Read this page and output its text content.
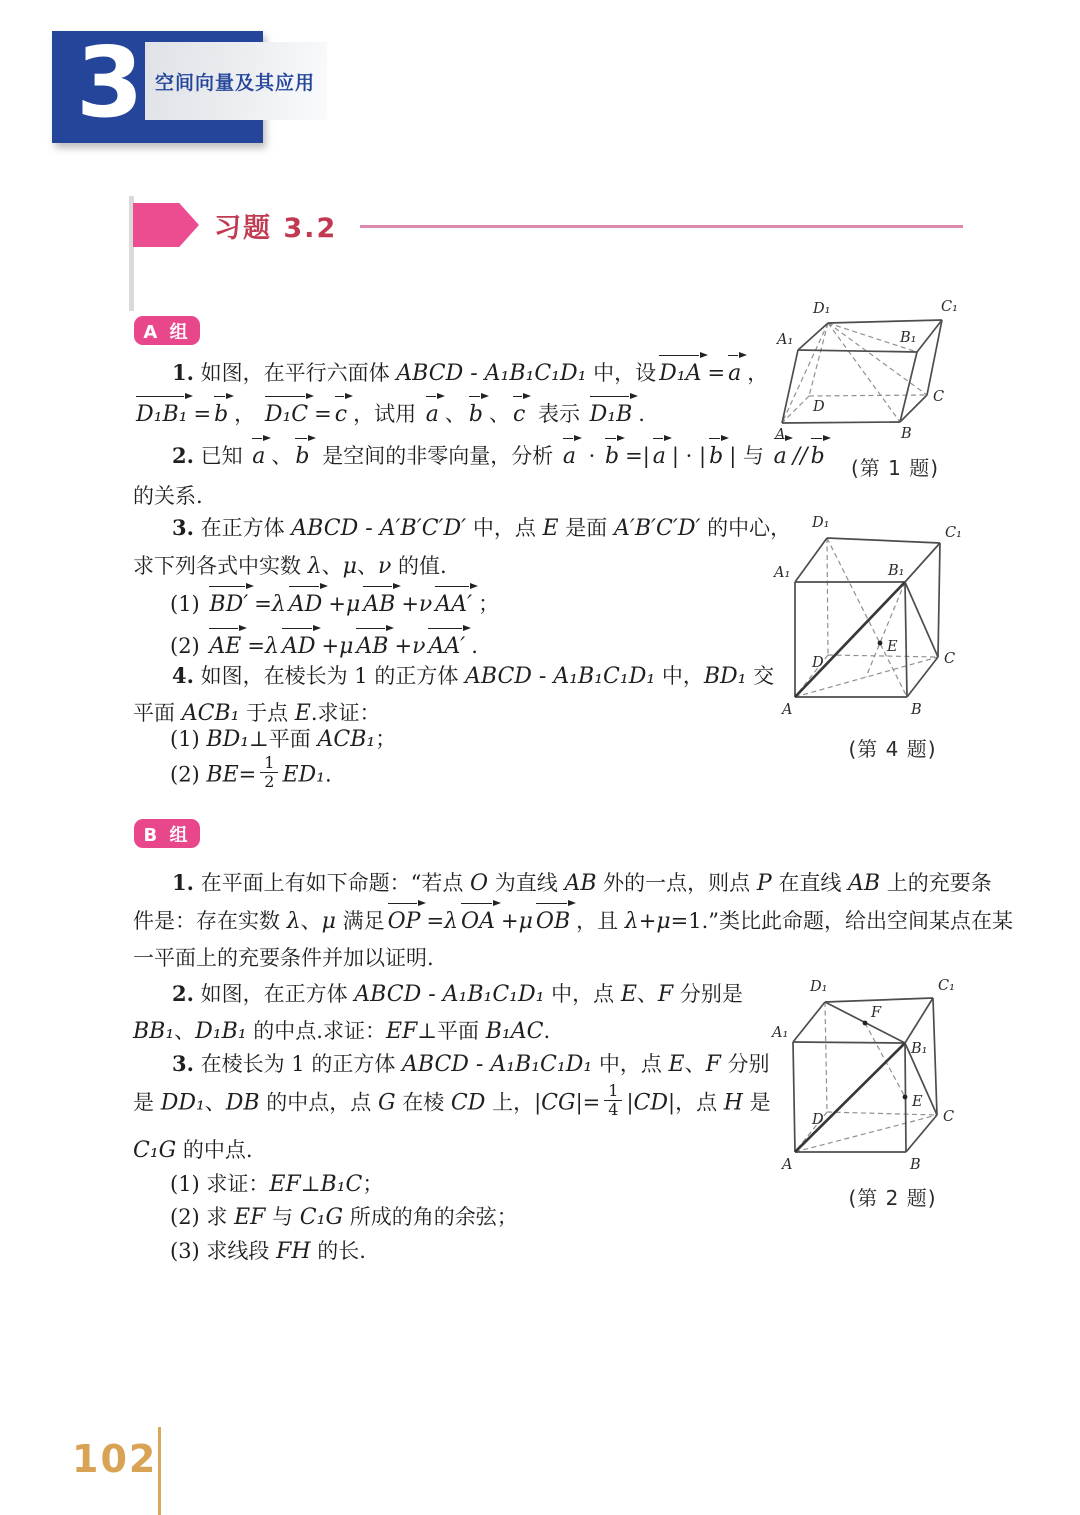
3 空间向量及其应用
习题 3.2
A 组
1. 如图，在平行六面体 ABCD - A₁B₁C₁D₁ 中，设 D₁A = a ，
D₁B₁ = b ， D₁C = c ，试用 a 、 b 、 c 表示 D₁B .
2. 已知 a 、 b 是空间的非零向量，分析 a · b =| a | · | b | 与 a // b
的关系.
3. 在正方体 ABCD - A′B′C′D′ 中，点 E 是面 A′B′C′D′ 的中心，
求下列各式中实数 λ、μ、ν 的值.
(1) BD′ =λ AD +μ AB +ν AA′ ；
(2) AE =λ AD +μ AB +ν AA′ .
4. 如图，在棱长为 1 的正方体 ABCD - A₁B₁C₁D₁ 中，BD₁ 交
平面 ACB₁ 于点 E.求证：
(1) BD₁⊥平面 ACB₁；
(2) $BE= \frac{1}{2} ED_1$.
B 组
1. 在平面上有如下命题：“若点 O 为直线 AB 外的一点，则点 P 在直线 AB 上的充要条
件是：存在实数 λ、μ 满足 OP =λ OA +μ OB ，且 λ+μ=1.”类比此命题，给出空间某点在某
一平面上的充要条件并加以证明.
2. 如图，在正方体 ABCD - A₁B₁C₁D₁ 中，点 E、F 分别是
BB₁、D₁B₁ 的中点.求证：EF⊥平面 B₁AC.
3. 在棱长为 1 的正方体 ABCD - A₁B₁C₁D₁ 中，点 E、F 分别
是 DD₁、DB 的中点，点 G 在棱 CD 上，$|CG|= \frac{1}{4} |CD|$，点 H 是
C₁G 的中点.
(1) 求证：EF⊥B₁C；
(2) 求 EF 与 C₁G 所成的角的余弦；
(3) 求线段 FH 的长.
D₁	C₁
A₁	B₁
A	B
C
D
(第 1 题)
D₁
C₁
A₁	B₁
A	B
C
D
E
(第 4 题)
D₁	C₁
A₁
B₁
A	B
C
D
F
E
(第 2 题)
102
